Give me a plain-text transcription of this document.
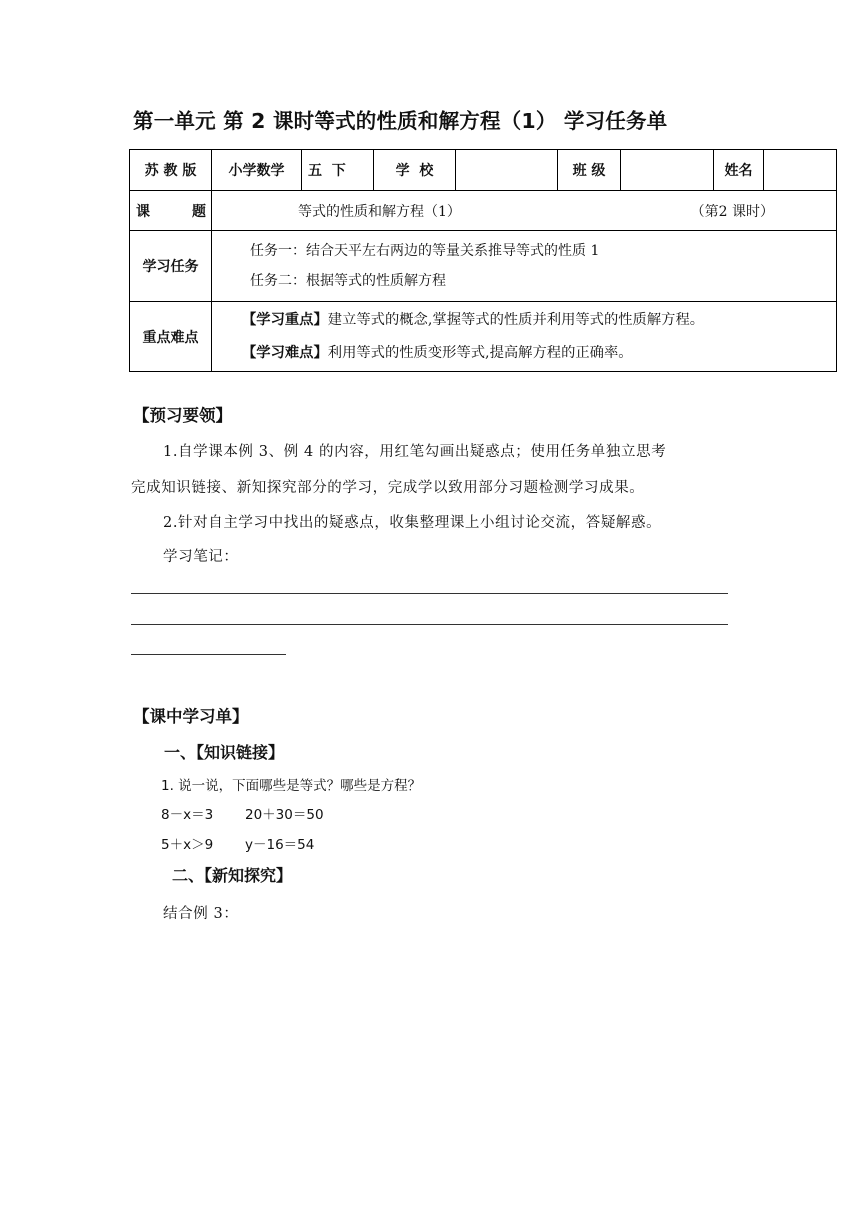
第一单元 第 2 课时等式的性质和解方程（1） 学习任务单
苏 教 版	小学数学	五  下	学  校		班 级		姓名	
课题	等式的性质和解方程（1） （第2 课时）							

学习任务	任务一：结合天平左右两边的等量关系推导等式的性质 1
任务二：根据等式的性质解方程							

重点难点	【学习重点】建立等式的概念,掌握等式的性质并利用等式的性质解方程。
【学习难点】利用等式的性质变形等式,提高解方程的正确率。							
【预习要领】

1.自学课本例 3、例 4 的内容，用红笔勾画出疑惑点；使用任务单独立思考

完成知识链接、新知探究部分的学习，完成学以致用部分习题检测学习成果。

2.针对自主学习中找出的疑惑点，收集整理课上小组讨论交流，答疑解惑。

学习笔记：

【课中学习单】
一、【知识链接】

1. 说一说，下面哪些是等式？哪些是方程？

8－x＝3 20＋30＝50

5＋x＞9 y－16＝54

二、【新知探究】

结合例 3：
